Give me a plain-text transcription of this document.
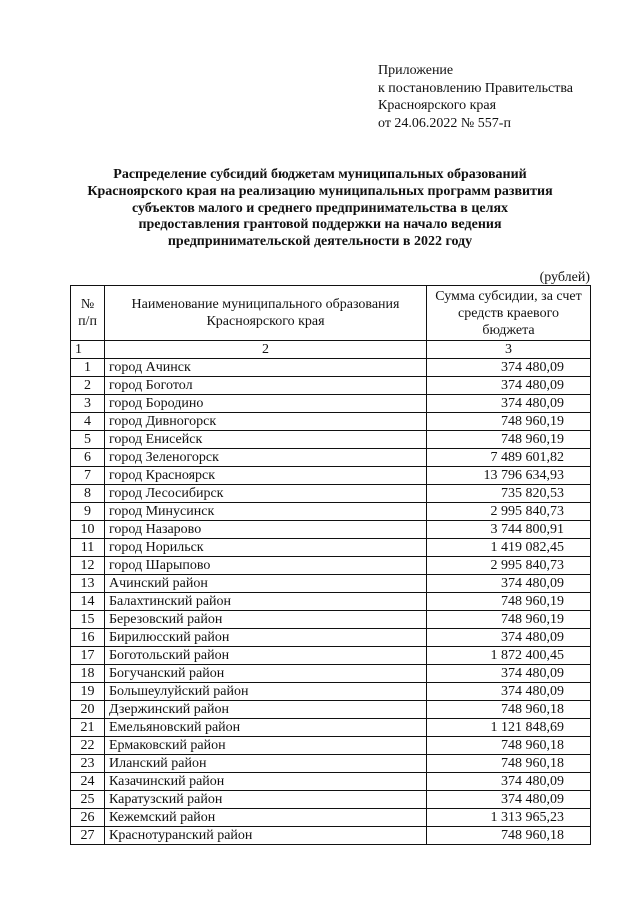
Приложение
к постановлению Правительства
Красноярского края
от 24.06.2022 № 557-п
Распределение субсидий бюджетам муниципальных образований
Красноярского края на реализацию муниципальных программ развития
субъектов малого и среднего предпринимательства в целях
предоставления грантовой поддержки на начало ведения
предпринимательской деятельности в 2022 году
(рублей)
№ п/п	Наименование муниципального образования Красноярского края	Сумма субсидии, за счет средств краевого бюджета
1	2	3
1	город Ачинск	374 480,09
2	город Боготол	374 480,09
3	город Бородино	374 480,09
4	город Дивногорск	748 960,19
5	город Енисейск	748 960,19
6	город Зеленогорск	7 489 601,82
7	город Красноярск	13 796 634,93
8	город Лесосибирск	735 820,53
9	город Минусинск	2 995 840,73
10	город Назарово	3 744 800,91
11	город Норильск	1 419 082,45
12	город Шарыпово	2 995 840,73
13	Ачинский район	374 480,09
14	Балахтинский район	748 960,19
15	Березовский район	748 960,19
16	Бирилюсский район	374 480,09
17	Боготольский район	1 872 400,45
18	Богучанский район	374 480,09
19	Большеулуйский район	374 480,09
20	Дзержинский район	748 960,18
21	Емельяновский район	1 121 848,69
22	Ермаковский район	748 960,18
23	Иланский район	748 960,18
24	Казачинский район	374 480,09
25	Каратузский район	374 480,09
26	Кежемский район	1 313 965,23
27	Краснотуранский район	748 960,18
